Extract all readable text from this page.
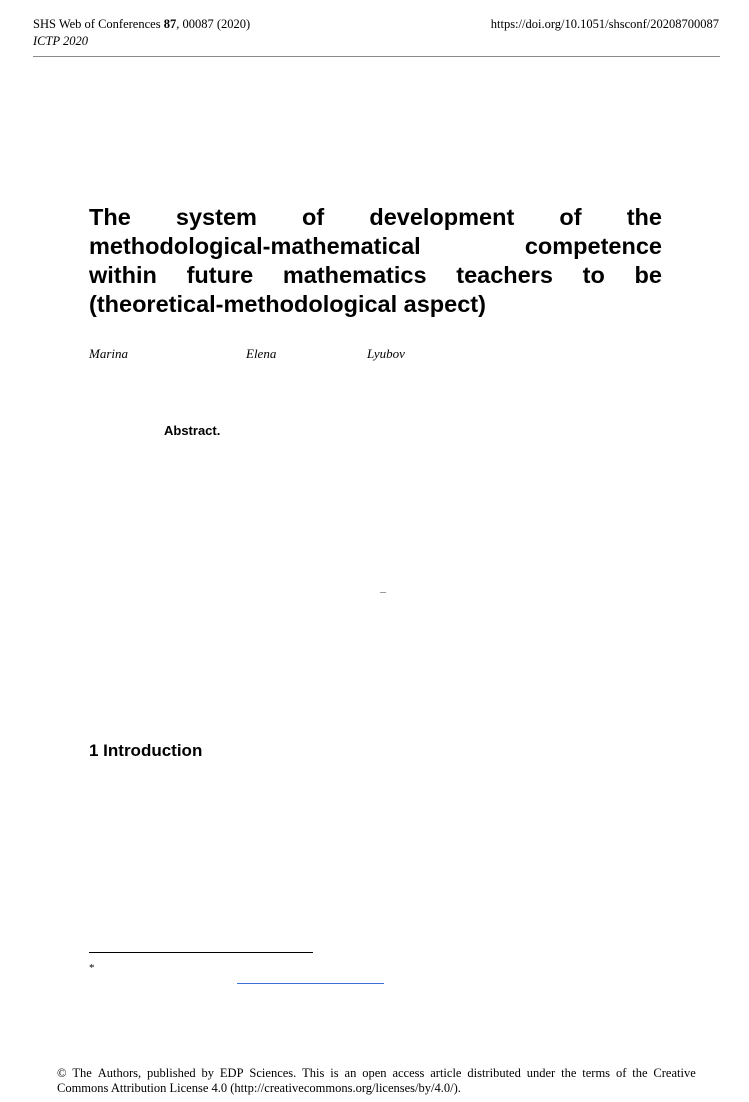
SHS Web of Conferences 87, 00087 (2020)
ICTP 2020
https://doi.org/10.1051/shsconf/20208700087
The system of development of the
methodological-mathematical	competence
within future mathematics teachers to be
(theoretical-methodological aspect)
Marina	Elena	Lyubov
Abstract.
–
1 Introduction
*
© The Authors, published by EDP Sciences. This is an open access article distributed under the terms of the Creative
Commons Attribution License 4.0 (http://creativecommons.org/licenses/by/4.0/).
